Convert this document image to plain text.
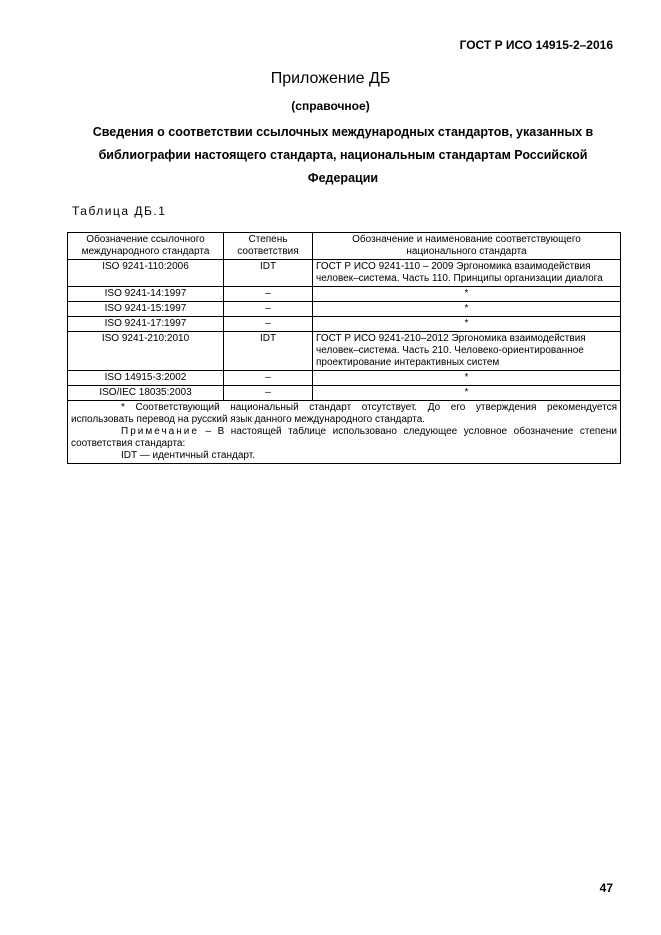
ГОСТ Р ИСО 14915-2–2016
Приложение ДБ
(справочное)
Сведения о соответствии ссылочных международных стандартов, указанных в библиографии настоящего стандарта, национальным стандартам Российской Федерации
Таблица ДБ.1
Обозначение ссылочного международного стандарта	Степень соответствия	Обозначение и наименование соответствующего национального стандарта
ISO 9241-110:2006	IDT	ГОСТ Р ИСО 9241-110 – 2009 Эргономика взаимодействия человек–система. Часть 110. Принципы организации диалога
ISO 9241-14:1997	–	*
ISO 9241-15:1997	–	*
ISO 9241-17:1997	–	*
ISO 9241-210:2010	IDT	ГОСТ Р ИСО 9241-210–2012 Эргономика взаимодействия человек–система. Часть 210. Человеко-ориентированное проектирование интерактивных систем
ISO 14915-3:2002	–	*
ISO/IEC 18035:2003	–	*

* Соответствующий национальный стандарт отсутствует. До его утверждения рекомендуется использовать перевод на русский язык данного международного стандарта.
Примечание – В настоящей таблице использовано следующее условное обозначение степени соответствия стандарта:
IDT — идентичный стандарт.		
47
